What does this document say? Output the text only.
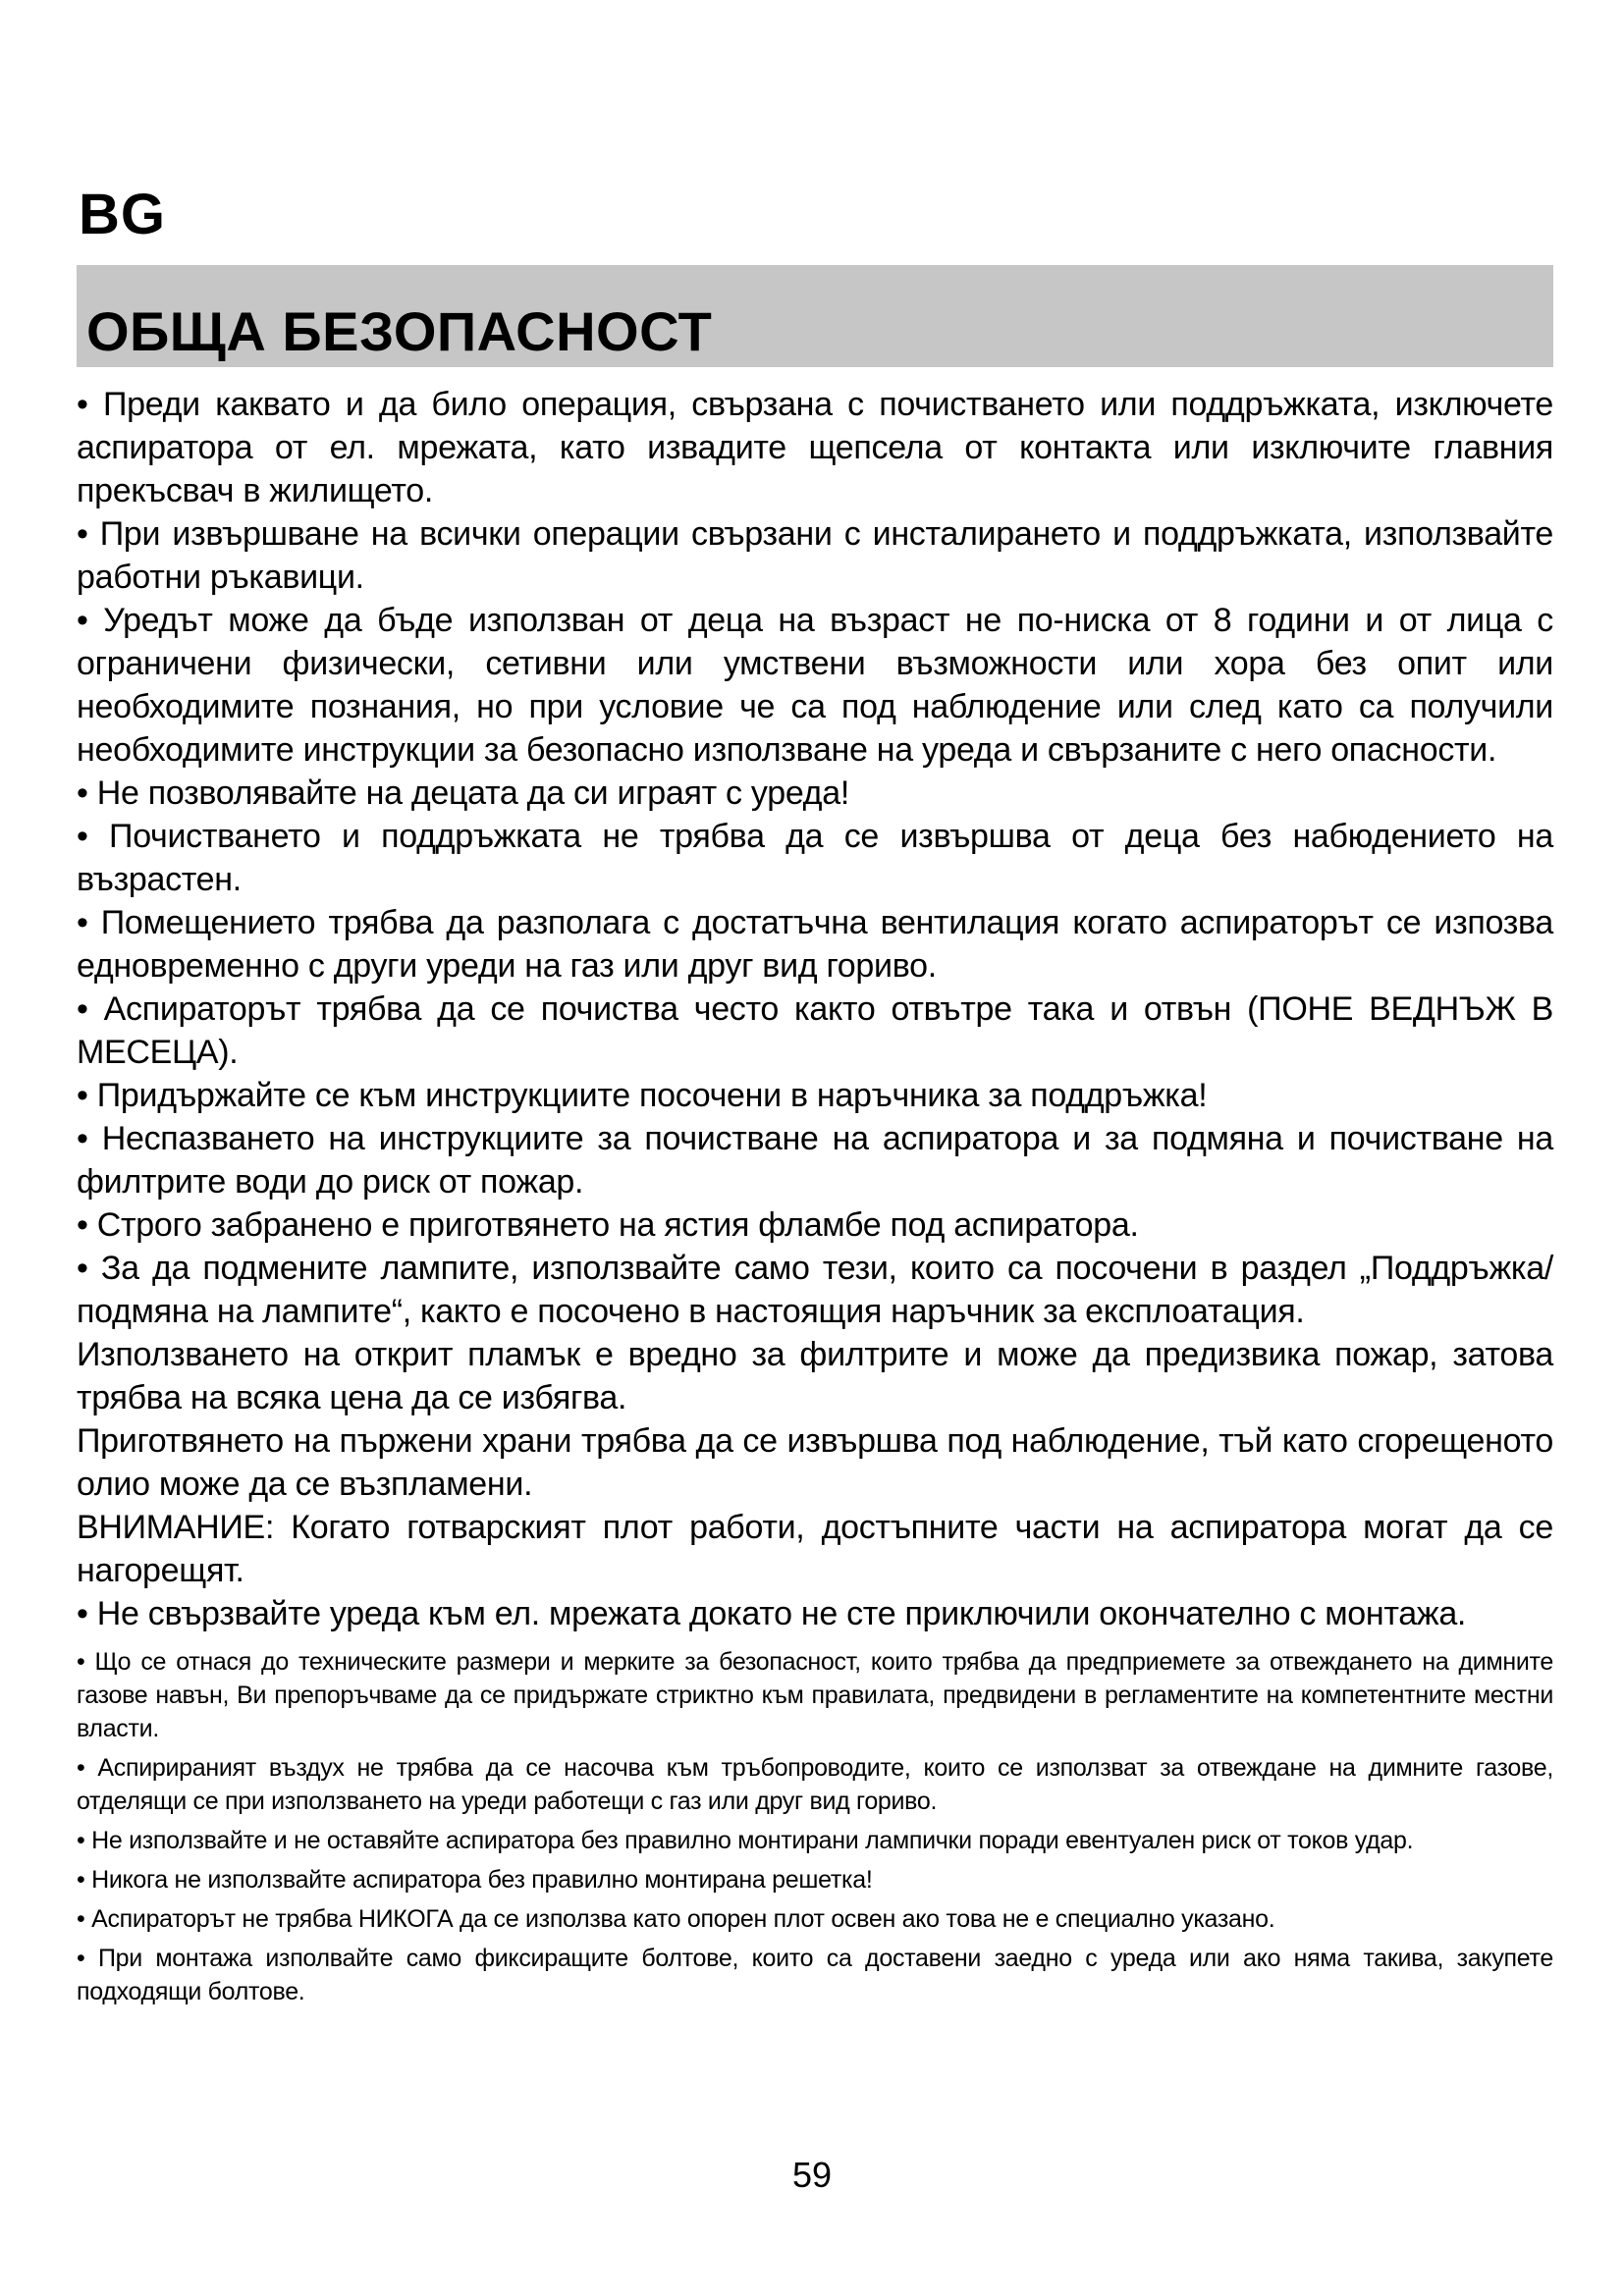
BG
ОБЩА БЕЗОПАСНОСТ

• Преди каквато и да било операция, свързана с почистването или поддръжката, изключете аспиратора от ел. мрежата, като извадите щепсела от контакта или изключите главния прекъсвач в жилището.

• При извършване на всички операции свързани с инсталирането и поддръжката, използвайте работни ръкавици.

• Уредът може да бъде използван от деца на възраст не по-ниска от 8 години и от лица с ограничени физически, сетивни или умствени възможности или хора без опит или необходимите познания, но при условие че са под наблюдение или след като са получили необходимите инструкции за безопасно използване на уреда и свързаните с него опасности.

• Не позволявайте на децата да си играят с уреда!

• Почистването и поддръжката не трябва да се извършва от деца без набюдението на възрастен.

• Помещението трябва да разполага с достатъчна вентилация когато аспираторът се изпозва едновременно с други уреди на газ или друг вид гориво.

• Аспираторът трябва да се почиства често както отвътре така и отвън (ПОНЕ ВЕДНЪЖ В МЕСЕЦА).

• Придържайте се към инструкциите посочени в наръчника за поддръжка!

• Неспазването на инструкциите за почистване на аспиратора и за подмяна и почистване на филтрите води до риск от пожар.

• Строго забранено е приготвянето на ястия фламбе под аспиратора.

• За да подмените лампите, използвайте само тези, които са посочени в раздел „Поддръжка/подмяна на лампите“, както е посочено в настоящия наръчник за експлоатация.

Използването на открит пламък е вредно за филтрите и може да предизвика пожар, затова трябва на всяка цена да се избягва.

Приготвянето на пържени храни трябва да се извършва под наблюдение, тъй като сгорещеното олио може да се възпламени.

ВНИМАНИЕ: Когато готварският плот работи, достъпните части на аспиратора могат да се нагорещят.

• Не свързвайте уреда към ел. мрежата докато не сте приключили окончателно с монтажа.

• Що се отнася до техническите размери и мерките за безопасност, които трябва да предприемете за отвеждането на димните газове навън, Ви препоръчваме да се придържате стриктно към правилата, предвидени в регламентите на компетентните местни власти.

• Аспирираният въздух не трябва да се насочва към тръбопроводите, които се използват за отвеждане на димните газове, отделящи се при използването на уреди работещи с газ или друг вид гориво.

• Не използвайте и не оставяйте аспиратора без правилно монтирани лампички поради евентуален риск от токов удар.

• Никога не използвайте аспиратора без правилно монтирана решетка!

• Аспираторът не трябва НИКОГА да се използва като опорен плот освен ако това не е специално указано.

• При монтажа изполвайте само фиксиращите болтове, които са доставени заедно с уреда или ако няма такива, закупете подходящи болтове.

59
